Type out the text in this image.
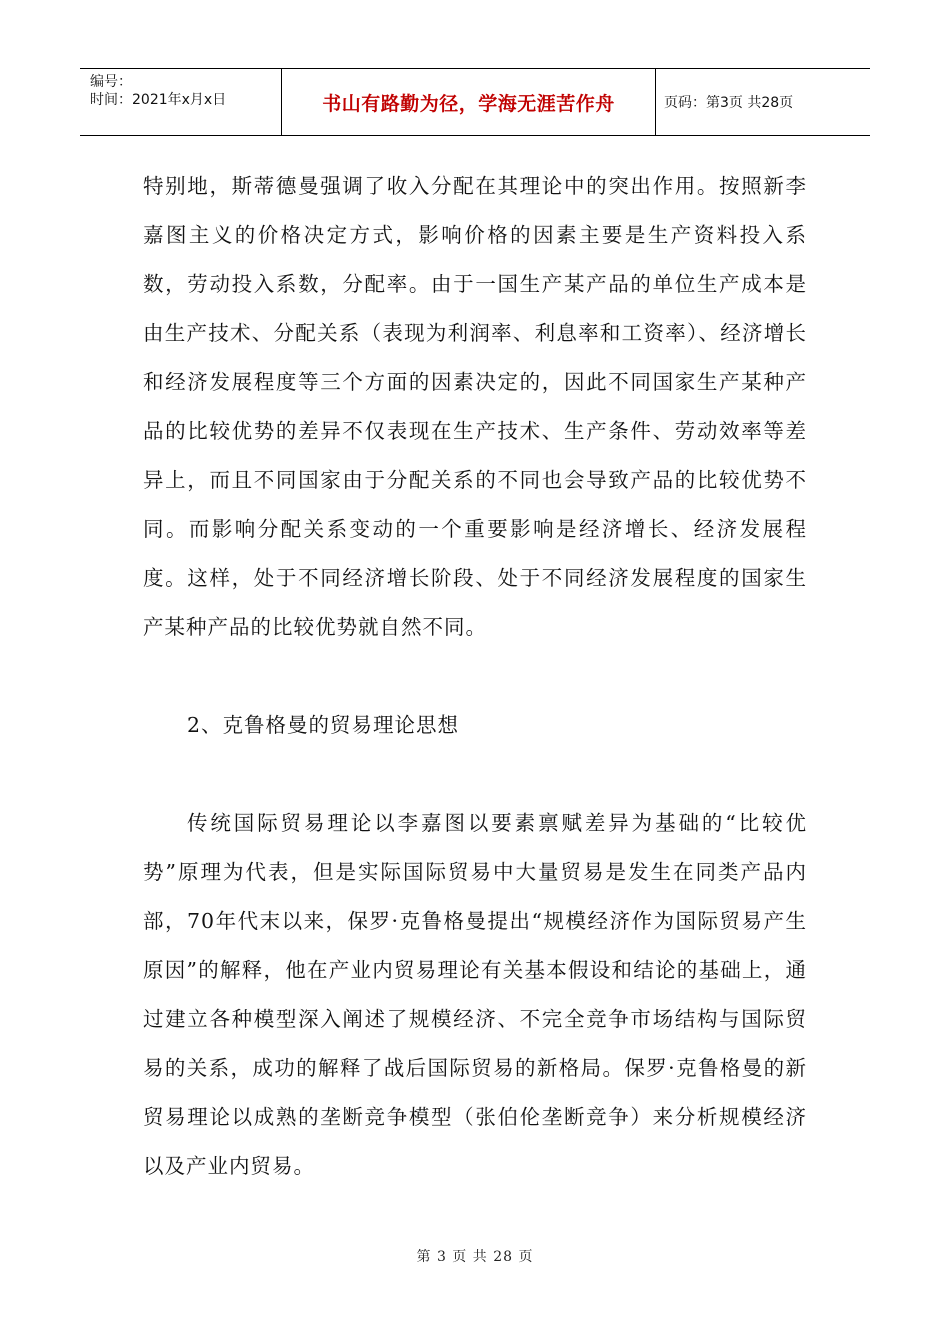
编号：
时间：2021年x月x日	书山有路勤为径，学海无涯苦作舟	页码：第3页 共28页

特别地，斯蒂德曼强调了收入分配在其理论中的突出作用。按照新李嘉图主义的价格决定方式，影响价格的因素主要是生产资料投入系数，劳动投入系数，分配率。由于一国生产某产品的单位生产成本是由生产技术、分配关系（表现为利润率、利息率和工资率）、经济增长和经济发展程度等三个方面的因素决定的，因此不同国家生产某种产品的比较优势的差异不仅表现在生产技术、生产条件、劳动效率等差异上，而且不同国家由于分配关系的不同也会导致产品的比较优势不同。而影响分配关系变动的一个重要影响是经济增长、经济发展程度。这样，处于不同经济增长阶段、处于不同经济发展程度的国家生产某种产品的比较优势就自然不同。

2、克鲁格曼的贸易理论思想

传统国际贸易理论以李嘉图以要素禀赋差异为基础的“比较优势”原理为代表，但是实际国际贸易中大量贸易是发生在同类产品内部，70年代末以来，保罗·克鲁格曼提出“规模经济作为国际贸易产生原因”的解释，他在产业内贸易理论有关基本假设和结论的基础上，通过建立各种模型深入阐述了规模经济、不完全竞争市场结构与国际贸易的关系，成功的解释了战后国际贸易的新格局。保罗·克鲁格曼的新贸易理论以成熟的垄断竞争模型（张伯伦垄断竞争）来分析规模经济以及产业内贸易。

第 3 页 共 28 页
